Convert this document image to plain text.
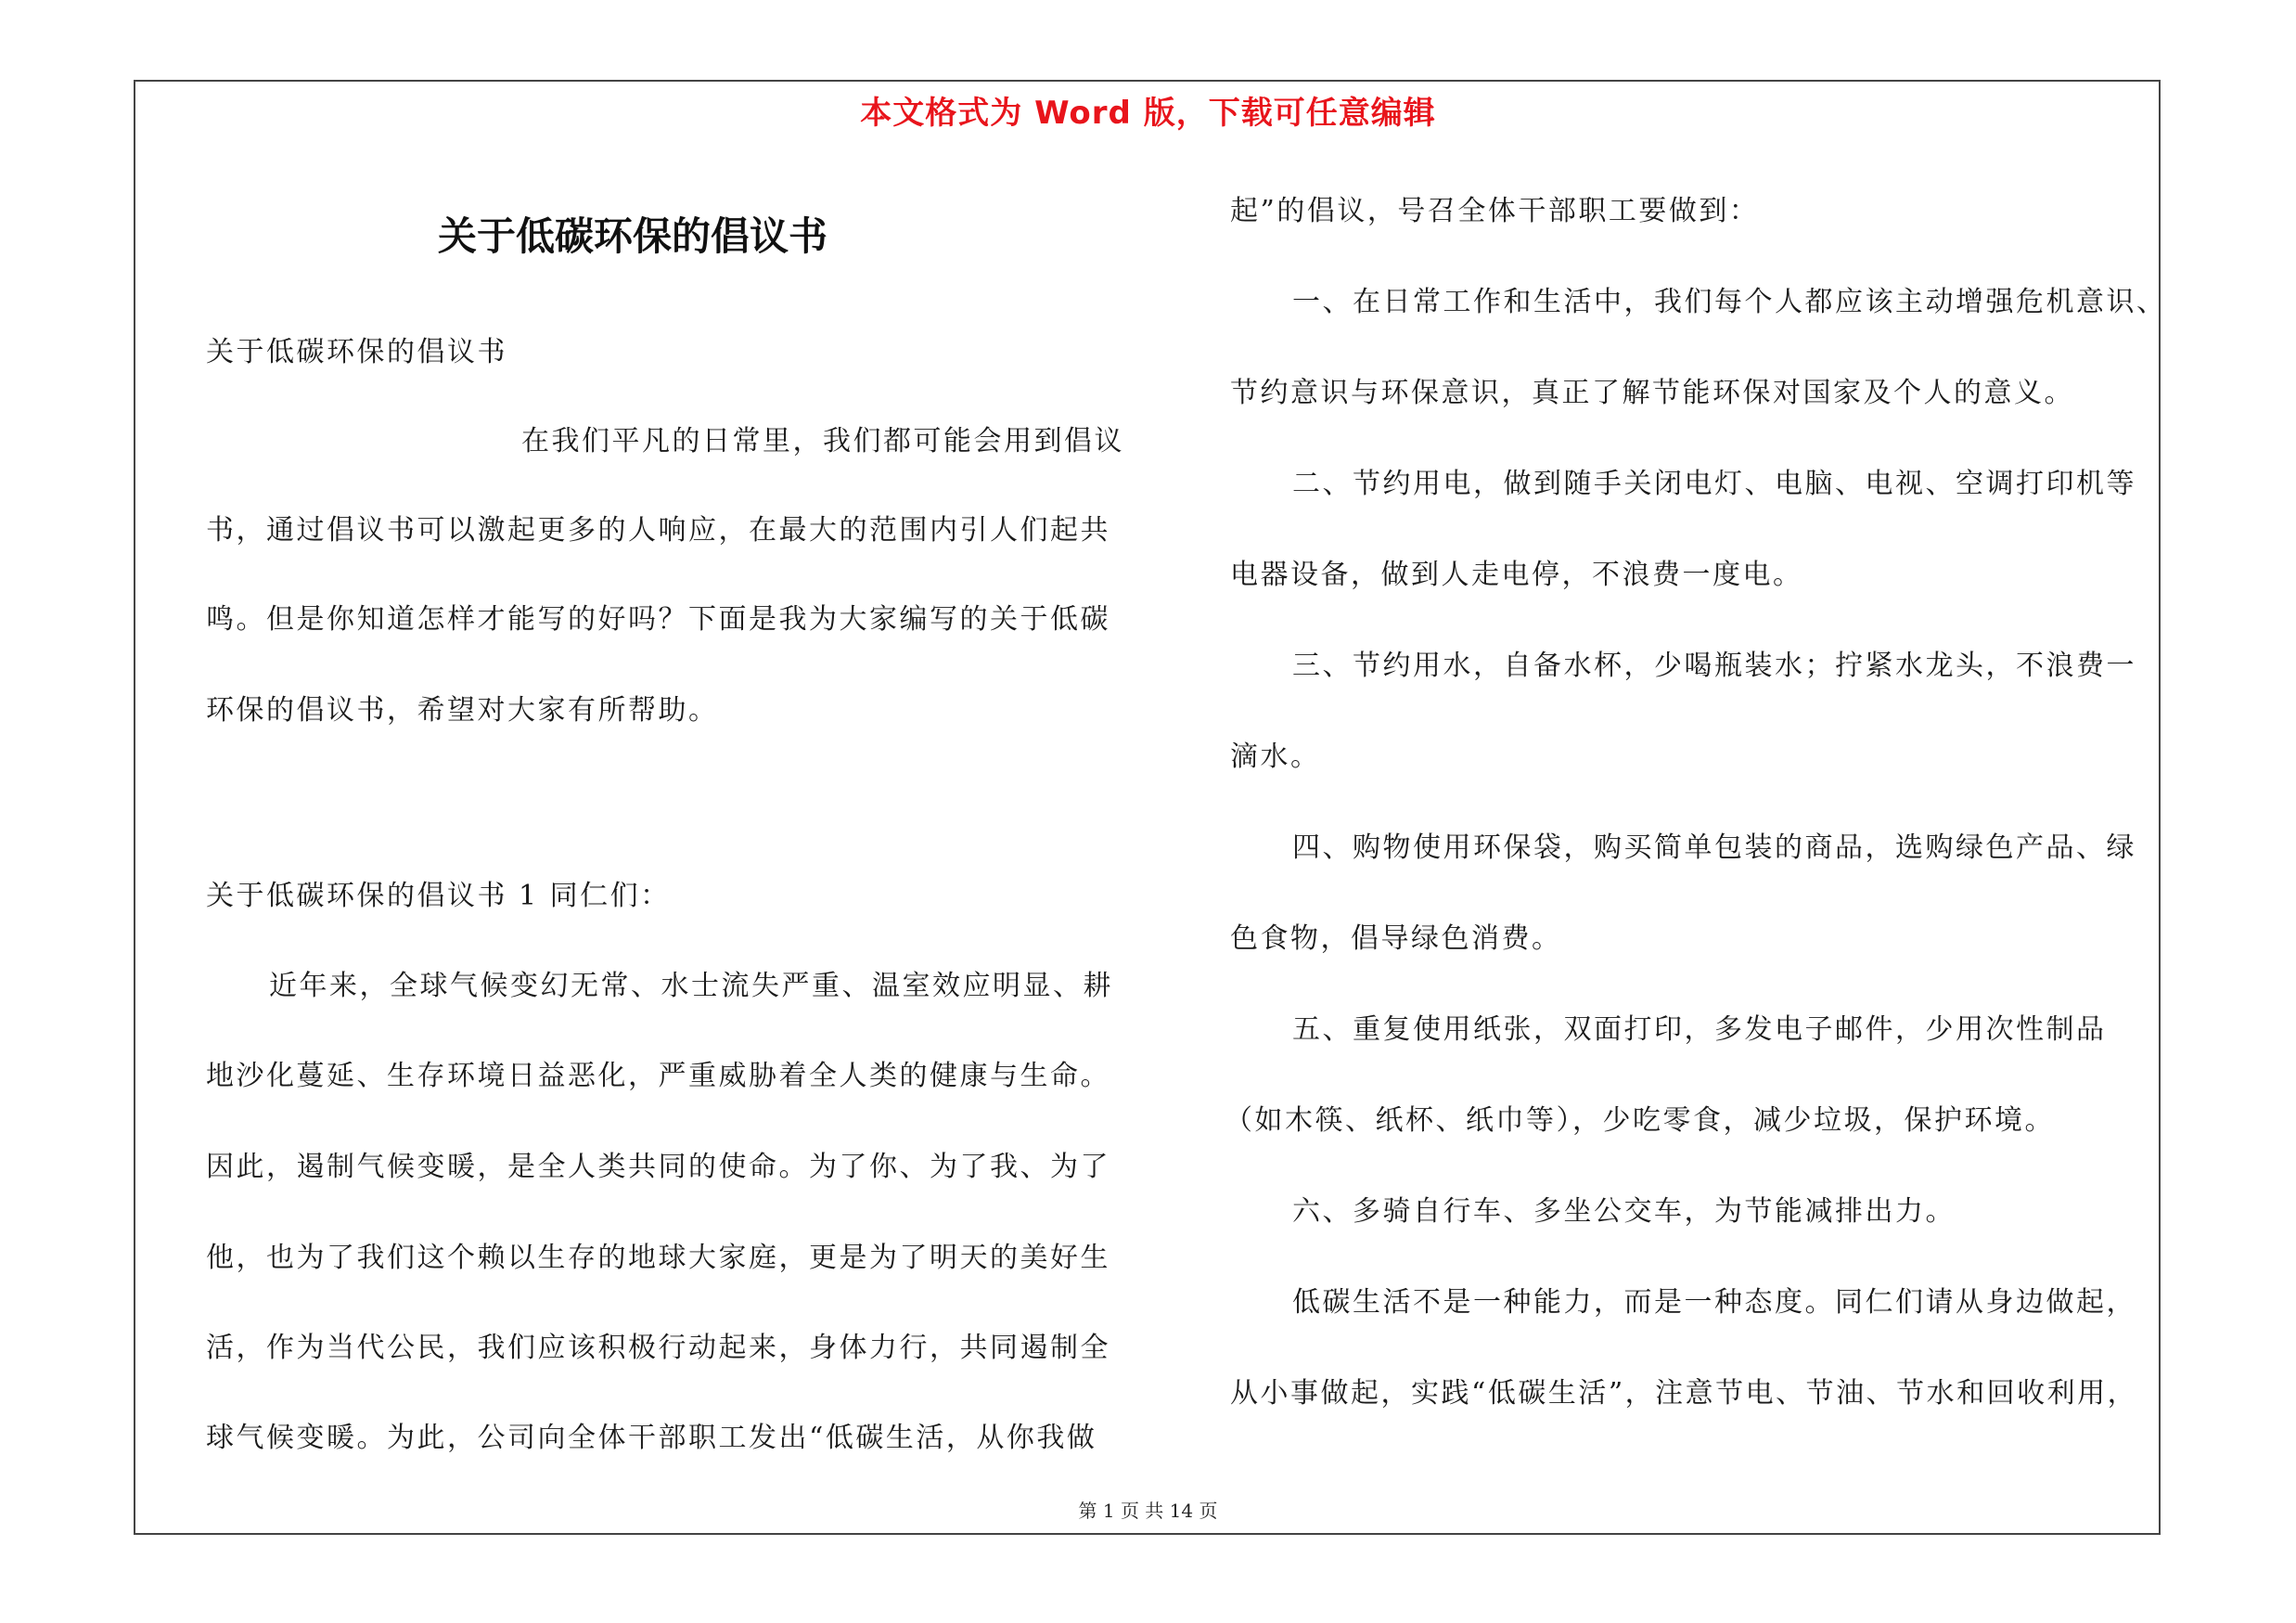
本文格式为 Word 版，下载可任意编辑
关于低碳环保的倡议书
关于低碳环保的倡议书
在我们平凡的日常里，我们都可能会用到倡议
书，通过倡议书可以激起更多的人响应，在最大的范围内引人们起共
鸣。但是你知道怎样才能写的好吗？下面是我为大家编写的关于低碳
环保的倡议书，希望对大家有所帮助。
关于低碳环保的倡议书 1 同仁们：
近年来，全球气候变幻无常、水士流失严重、温室效应明显、耕
地沙化蔓延、生存环境日益恶化，严重威胁着全人类的健康与生命。
因此，遏制气候变暖，是全人类共同的使命。为了你、为了我、为了
他，也为了我们这个赖以生存的地球大家庭，更是为了明天的美好生
活，作为当代公民，我们应该积极行动起来，身体力行，共同遏制全
球气候变暖。为此，公司向全体干部职工发出“低碳生活，从你我做
起”的倡议，号召全体干部职工要做到：
一、在日常工作和生活中，我们每个人都应该主动增强危机意识、
节约意识与环保意识，真正了解节能环保对国家及个人的意义。
二、节约用电，做到随手关闭电灯、电脑、电视、空调打印机等
电器设备，做到人走电停，不浪费一度电。
三、节约用水，自备水杯，少喝瓶装水；拧紧水龙头，不浪费一
滴水。
四、购物使用环保袋，购买简单包装的商品，选购绿色产品、绿
色食物，倡导绿色消费。
五、重复使用纸张，双面打印，多发电子邮件，少用次性制品
（如木筷、纸杯、纸巾等），少吃零食，减少垃圾，保护环境。
六、多骑自行车、多坐公交车，为节能减排出力。
低碳生活不是一种能力，而是一种态度。同仁们请从身边做起，
从小事做起，实践“低碳生活”，注意节电、节油、节水和回收利用，
第 1 页 共 14 页
